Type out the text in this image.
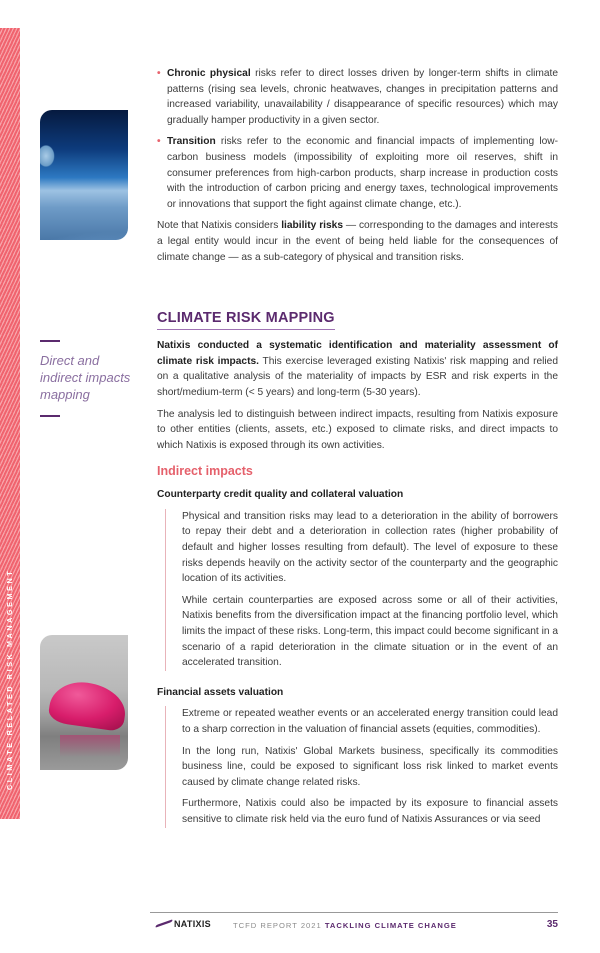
CLIMATE-RELATED RISK MANAGEMENT
Direct and indirect impacts mapping
• Chronic physical risks refer to direct losses driven by longer-term shifts in climate patterns (rising sea levels, chronic heatwaves, changes in precipitation patterns and increased variability, unavailability / disappearance of specific resources) which may gradually hamper productivity in a given sector.
• Transition risks refer to the economic and financial impacts of implementing low-carbon business models (impossibility of exploiting more oil reserves, shift in consumer preferences from high-carbon products, sharp increase in production costs with the introduction of carbon pricing and energy taxes, technological improvements or innovations that support the fight against climate change, etc.).

Note that Natixis considers liability risks — corresponding to the damages and interests a legal entity would incur in the event of being held liable for the consequences of climate change — as a sub-category of physical and transition risks.

CLIMATE RISK MAPPING

Natixis conducted a systematic identification and materiality assessment of climate risk impacts. This exercise leveraged existing Natixis' risk mapping and relied on a qualitative analysis of the materiality of impacts by ESR and risk experts in the short/medium-term (< 5 years) and long-term (5-30 years).

The analysis led to distinguish between indirect impacts, resulting from Natixis exposure to other entities (clients, assets, etc.) exposed to climate risks, and direct impacts to which Natixis is exposed through its own activities.

Indirect impacts
Counterparty credit quality and collateral valuation

Physical and transition risks may lead to a deterioration in the ability of borrowers to repay their debt and a deterioration in collection rates (higher probability of default and higher losses resulting from default). The level of exposure to these risks depends heavily on the activity sector of the counterparty and the geographic location of its activities.

While certain counterparties are exposed across some or all of their activities, Natixis benefits from the diversification impact at the financing portfolio level, which limits the impact of these risks. Long-term, this impact could become significant in a scenario of a rapid deterioration in the climate situation or in the event of an accelerated transition.

Financial assets valuation

Extreme or repeated weather events or an accelerated energy transition could lead to a sharp correction in the valuation of financial assets (equities, commodities).

In the long run, Natixis' Global Markets business, specifically its commodities business line, could be exposed to significant loss risk linked to market events caused by climate change related risks.

Furthermore, Natixis could also be impacted by its exposure to financial assets sensitive to climate risk held via the euro fund of Natixis Assurances or via seed

NATIXIS	TCFD REPORT 2021 TACKLING CLIMATE CHANGE	35
